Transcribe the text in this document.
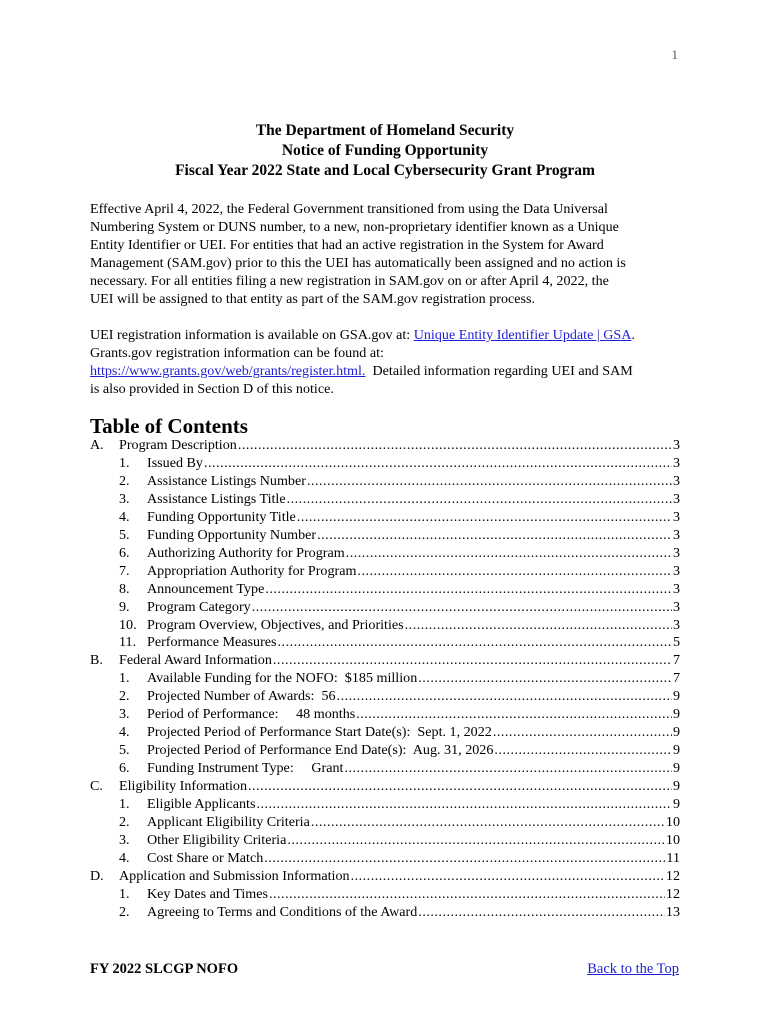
1
The Department of Homeland Security
Notice of Funding Opportunity
Fiscal Year 2022 State and Local Cybersecurity Grant Program
Effective April 4, 2022, the Federal Government transitioned from using the Data Universal
Numbering System or DUNS number, to a new, non-proprietary identifier known as a Unique
Entity Identifier or UEI. For entities that had an active registration in the System for Award
Management (SAM.gov) prior to this the UEI has automatically been assigned and no action is
necessary. For all entities filing a new registration in SAM.gov on or after April 4, 2022, the
UEI will be assigned to that entity as part of the SAM.gov registration process.
UEI registration information is available on GSA.gov at: Unique Entity Identifier Update | GSA.
Grants.gov registration information can be found at:
https://www.grants.gov/web/grants/register.html.  Detailed information regarding UEI and SAM
is also provided in Section D of this notice.
Table of Contents
A.	Program Description .....	3
1.	Issued By .....	3
2.	Assistance Listings Number .....	3
3.	Assistance Listings Title .....	3
4.	Funding Opportunity Title .....	3
5.	Funding Opportunity Number .....	3
6.	Authorizing Authority for Program .....	3
7.	Appropriation Authority for Program .....	3
8.	Announcement Type .....	3
9.	Program Category .....	3
10. Program Overview, Objectives, and Priorities .....	3
11. Performance Measures .....	5
B.	Federal Award Information .....	7
1.	Available Funding for the NOFO:  $185 million .....	7
2.	Projected Number of Awards:  56 .....	9
3.	Period of Performance:     48 months .....	9
4.	Projected Period of Performance Start Date(s):  Sept. 1, 2022 .....	9
5.	Projected Period of Performance End Date(s):  Aug. 31, 2026 .....	9
6.	Funding Instrument Type:     Grant .....	9
C.	Eligibility Information .....	9
1.	Eligible Applicants .....	9
2.	Applicant Eligibility Criteria .....	10
3.	Other Eligibility Criteria .....	10
4.	Cost Share or Match .....	11
D.	Application and Submission Information .....	12
1.	Key Dates and Times .....	12
2.	Agreeing to Terms and Conditions of the Award .....	13
FY 2022 SLCGP NOFO	Back to the Top
